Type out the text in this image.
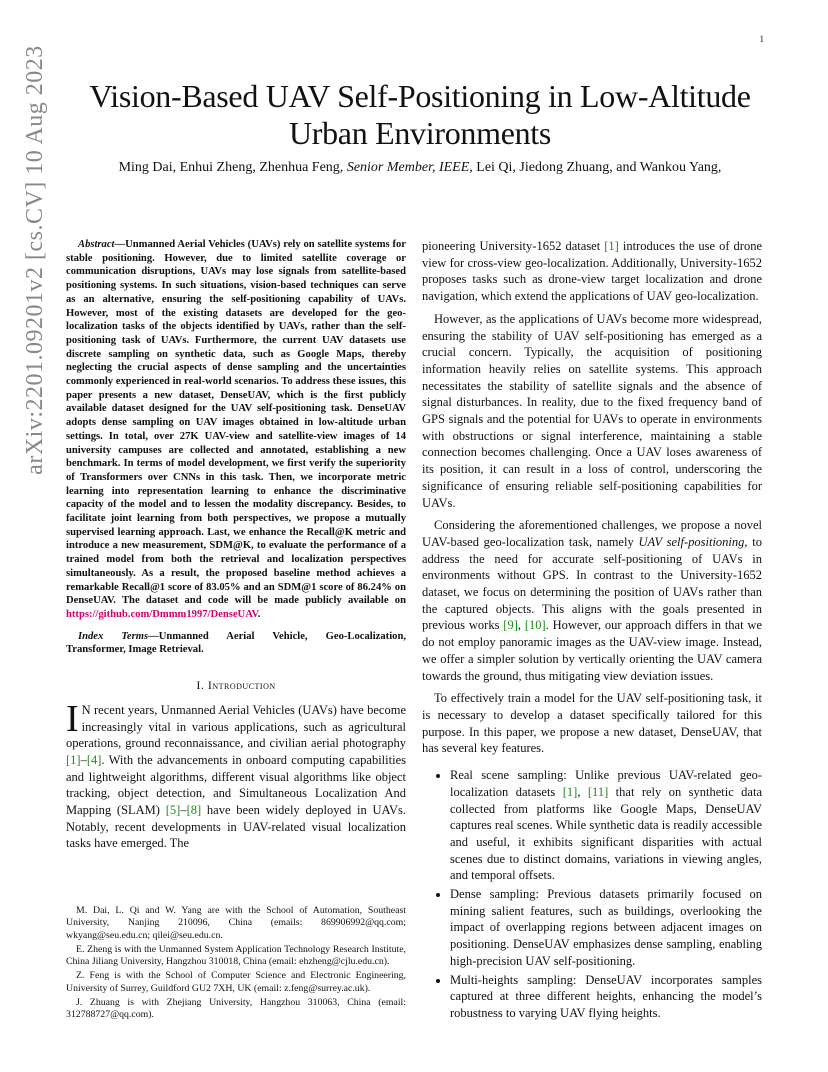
1
arXiv:2201.09201v2 [cs.CV] 10 Aug 2023	Vision-Based UAV Self-Positioning in Low-Altitude
Urban Environments
Ming Dai, Enhui Zheng, Zhenhua Feng, Senior Member, IEEE, Lei Qi, Jiedong Zhuang, and Wankou Yang,

Abstract—Unmanned Aerial Vehicles (UAVs) rely on satellite systems for stable positioning. However, due to limited satellite coverage or communication disruptions, UAVs may lose signals from satellite-based positioning systems. In such situations, vision-based techniques can serve as an alternative, ensuring the self-positioning capability of UAVs. However, most of the existing datasets are developed for the geo-localization tasks of the objects identified by UAVs, rather than the self-positioning task of UAVs. Furthermore, the current UAV datasets use discrete sampling on synthetic data, such as Google Maps, thereby neglecting the crucial aspects of dense sampling and the uncertainties commonly experienced in real-world scenarios. To address these issues, this paper presents a new dataset, DenseUAV, which is the first publicly available dataset designed for the UAV self-positioning task. DenseUAV adopts dense sampling on UAV images obtained in low-altitude urban settings. In total, over 27K UAV-view and satellite-view images of 14 university campuses are collected and annotated, establishing a new benchmark. In terms of model development, we first verify the superiority of Transformers over CNNs in this task. Then, we incorporate metric learning into representation learning to enhance the discriminative capacity of the model and to lessen the modality discrepancy. Besides, to facilitate joint learning from both perspectives, we propose a mutually supervised learning approach. Last, we enhance the Recall@K metric and introduce a new measurement, SDM@K, to evaluate the performance of a trained model from both the retrieval and localization perspectives simultaneously. As a result, the proposed baseline method achieves a remarkable Recall@1 score of 83.05% and an SDM@1 score of 86.24% on DenseUAV. The dataset and code will be made publicly available on https://github.com/Dmmm1997/DenseUAV.

Index Terms—Unmanned Aerial Vehicle, Geo-Localization, Transformer, Image Retrieval.

I. Introduction

I N recent years, Unmanned Aerial Vehicles (UAVs) have become increasingly vital in various applications, such as agricultural operations, ground reconnaissance, and civilian aerial photography [1]–[4]. With the advancements in onboard computing capabilities and lightweight algorithms, different visual algorithms like object tracking, object detection, and Simultaneous Localization And Mapping (SLAM) [5]–[8] have been widely deployed in UAVs. Notably, recent developments in UAV-related visual localization tasks have emerged. The

M. Dai, L. Qi and W. Yang are with the School of Automation, Southeast University, Nanjing 210096, China (emails: 869906992@qq.com; wkyang@seu.edu.cn; qilei@seu.edu.cn.

E. Zheng is with the Unmanned System Application Technology Research Institute, China Jiliang University, Hangzhou 310018, China (email: ehzheng@cjlu.edu.cn).

Z. Feng is with the School of Computer Science and Electronic Engineering, University of Surrey, Guildford GU2 7XH, UK (email: z.feng@surrey.ac.uk).

J. Zhuang is with Zhejiang University, Hangzhou 310063, China (email: 312788727@qq.com).

pioneering University-1652 dataset [1] introduces the use of drone view for cross-view geo-localization. Additionally, University-1652 proposes tasks such as drone-view target localization and drone navigation, which extend the applications of UAV geo-localization.

However, as the applications of UAVs become more widespread, ensuring the stability of UAV self-positioning has emerged as a crucial concern. Typically, the acquisition of positioning information heavily relies on satellite systems. This approach necessitates the stability of satellite signals and the absence of signal disturbances. In reality, due to the fixed frequency band of GPS signals and the potential for UAVs to operate in environments with obstructions or signal interference, maintaining a stable connection becomes challenging. Once a UAV loses awareness of its position, it can result in a loss of control, underscoring the significance of ensuring reliable self-positioning capabilities for UAVs.

Considering the aforementioned challenges, we propose a novel UAV-based geo-localization task, namely UAV self-positioning, to address the need for accurate self-positioning of UAVs in environments without GPS. In contrast to the University-1652 dataset, we focus on determining the position of UAVs rather than the captured objects. This aligns with the goals presented in previous works [9], [10]. However, our approach differs in that we do not employ panoramic images as the UAV-view image. Instead, we offer a simpler solution by vertically orienting the UAV camera towards the ground, thus mitigating view deviation issues.

To effectively train a model for the UAV self-positioning task, it is necessary to develop a dataset specifically tailored for this purpose. In this paper, we propose a new dataset, DenseUAV, that has several key features.

• Real scene sampling: Unlike previous UAV-related geo-localization datasets [1], [11] that rely on synthetic data collected from platforms like Google Maps, DenseUAV captures real scenes. While synthetic data is readily accessible and useful, it exhibits significant disparities with actual scenes due to distinct domains, variations in viewing angles, and temporal offsets.
• Dense sampling: Previous datasets primarily focused on mining salient features, such as buildings, overlooking the impact of overlapping regions between adjacent images on positioning. DenseUAV emphasizes dense sampling, enabling high-precision UAV self-positioning.
• Multi-heights sampling: DenseUAV incorporates samples captured at three different heights, enhancing the model’s robustness to varying UAV flying heights.
